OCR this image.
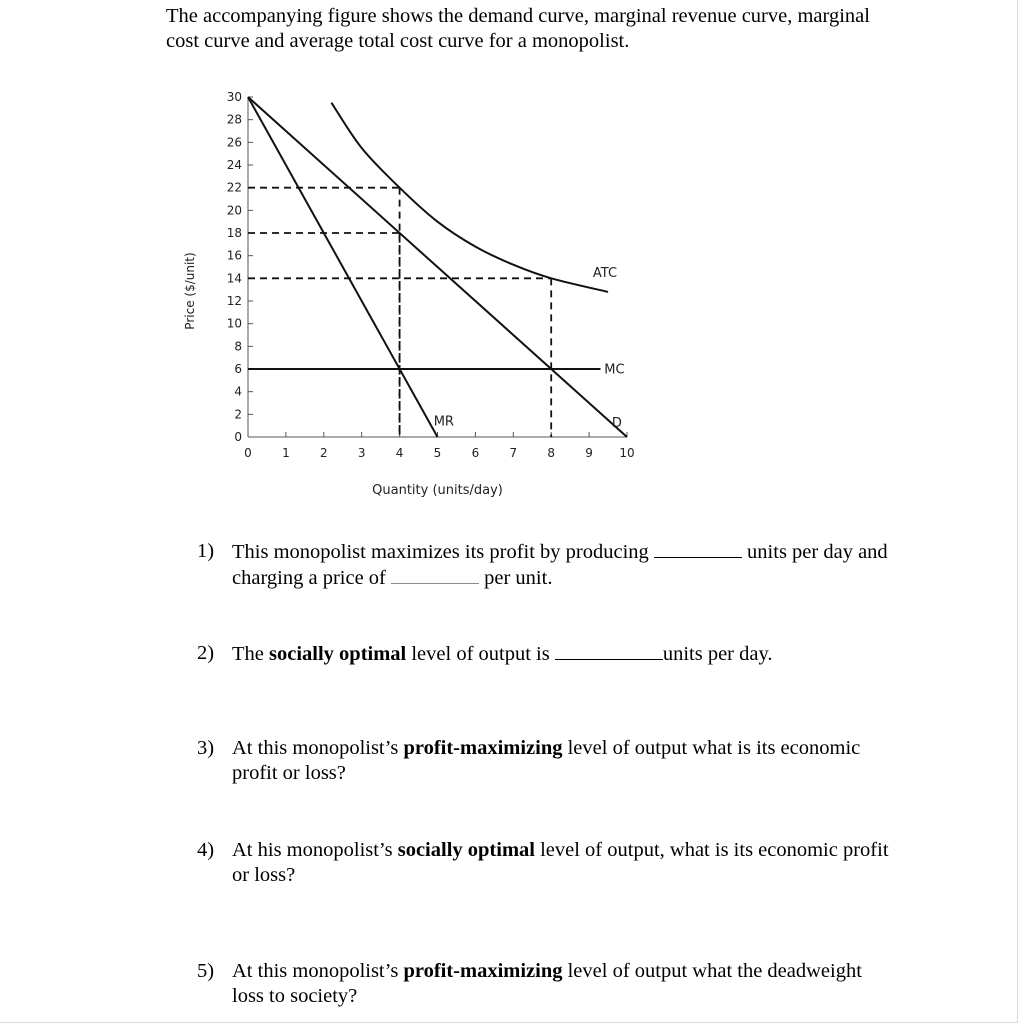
The accompanying figure shows the demand curve, marginal revenue curve, marginal
cost curve and average total cost curve for a monopolist.
0
2
4
6
8
10
12
14
16
18
20
22
24
26
28
30
0	1	2	3	4	5	6	7	8	9 10
Quantity (units/day)
Price ($/unit)
D
MR
MC
ATC
1) This monopolist maximizes its profit by producing	units per day and
charging a price of	per unit.
2) The socially optimal level of output is	units per day.
3) At this monopolist’s profit-maximizing level of output what is its economic
profit or loss?
4) At his monopolist’s socially optimal level of output, what is its economic profit
or loss?
5) At this monopolist’s profit-maximizing level of output what the deadweight
loss to society?
